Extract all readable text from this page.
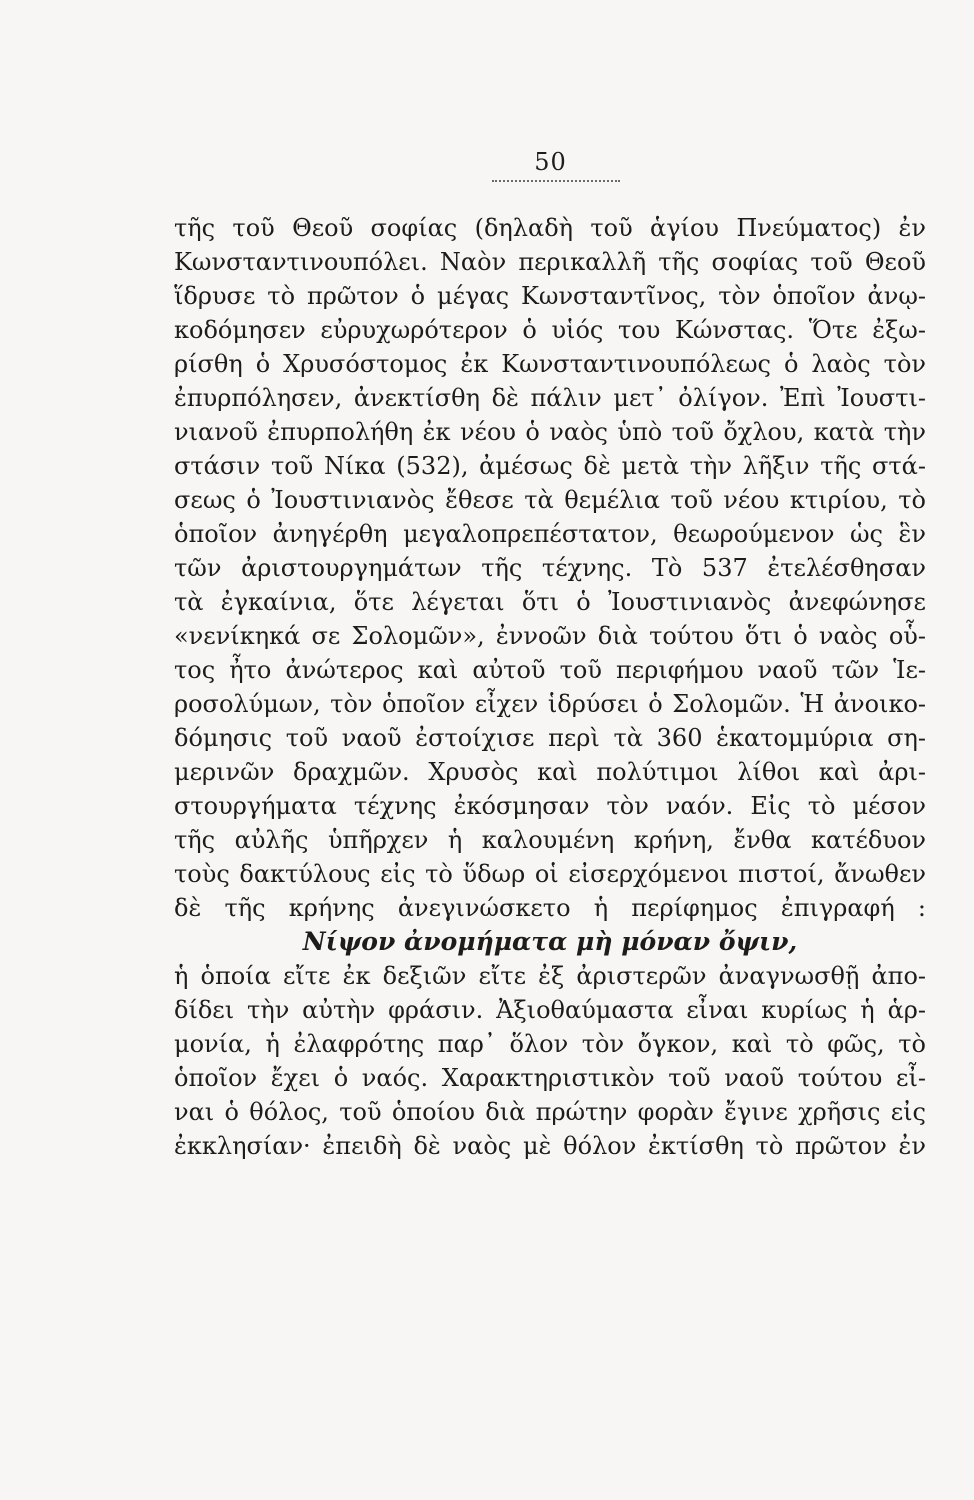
50
τῆς τοῦ Θεοῦ σοφίας (δηλαδὴ τοῦ ἁγίου Πνεύματος) ἐν
Κωνσταντινουπόλει. Ναὸν περικαλλῆ τῆς σοφίας τοῦ Θεοῦ
ἵδρυσε τὸ πρῶτον ὁ μέγας Κωνσταντῖνος, τὸν ὁποῖον ἀνῳ-
κοδόμησεν εὐρυχωρότερον ὁ υἱός του Κώνστας. Ὅτε ἐξω-
ρίσθη ὁ Χρυσόστομος ἐκ Κωνσταντινουπόλεως ὁ λαὸς τὸν
ἐπυρπόλησεν, ἀνεκτίσθη δὲ πάλιν μετ᾽ ὀλίγον. Ἐπὶ Ἰουστι-
νιανοῦ ἐπυρπολήθη ἐκ νέου ὁ ναὸς ὑπὸ τοῦ ὄχλου, κατὰ τὴν
στάσιν τοῦ Νίκα (532), ἀμέσως δὲ μετὰ τὴν λῆξιν τῆς στά-
σεως ὁ Ἰουστινιανὸς ἔθεσε τὰ θεμέλια τοῦ νέου κτιρίου, τὸ
ὁποῖον ἀνηγέρθη μεγαλοπρεπέστατον, θεωρούμενον ὡς ἓν
τῶν ἀριστουργημάτων τῆς τέχνης. Τὸ 537 ἐτελέσθησαν
τὰ ἐγκαίνια, ὅτε λέγεται ὅτι ὁ Ἰουστινιανὸς ἀνεφώνησε
«νενίκηκά σε Σολομῶν», ἐννοῶν διὰ τούτου ὅτι ὁ ναὸς οὗ-
τος ἦτο ἀνώτερος καὶ αὐτοῦ τοῦ περιφήμου ναοῦ τῶν Ἱε-
ροσολύμων, τὸν ὁποῖον εἶχεν ἱδρύσει ὁ Σολομῶν. Ἡ ἀνοικο-
δόμησις τοῦ ναοῦ ἐστοίχισε περὶ τὰ 360 ἑκατομμύρια ση-
μερινῶν δραχμῶν. Χρυσὸς καὶ πολύτιμοι λίθοι καὶ ἀρι-
στουργήματα τέχνης ἐκόσμησαν τὸν ναόν. Εἰς τὸ μέσον
τῆς αὐλῆς ὑπῆρχεν ἡ καλουμένη κρήνη, ἔνθα κατέδυον
τοὺς δακτύλους εἰς τὸ ὕδωρ οἱ εἰσερχόμενοι πιστοί, ἄνωθεν
δὲ τῆς κρήνης ἀνεγινώσκετο ἡ περίφημος ἐπιγραφή :
Νίψον ἀνομήματα μὴ μόναν ὄψιν,
ἡ ὁποία εἴτε ἐκ δεξιῶν εἴτε ἐξ ἀριστερῶν ἀναγνωσθῇ ἀπο-
δίδει τὴν αὐτὴν φράσιν. Ἀξιοθαύμαστα εἶναι κυρίως ἡ ἁρ-
μονία, ἡ ἐλαφρότης παρ᾽ ὅλον τὸν ὄγκον, καὶ τὸ φῶς, τὸ
ὁποῖον ἔχει ὁ ναός. Χαρακτηριστικὸν τοῦ ναοῦ τούτου εἶ-
ναι ὁ θόλος, τοῦ ὁποίου διὰ πρώτην φορὰν ἔγινε χρῆσις εἰς
ἐκκλησίαν· ἐπειδὴ δὲ ναὸς μὲ θόλον ἐκτίσθη τὸ πρῶτον ἐν
